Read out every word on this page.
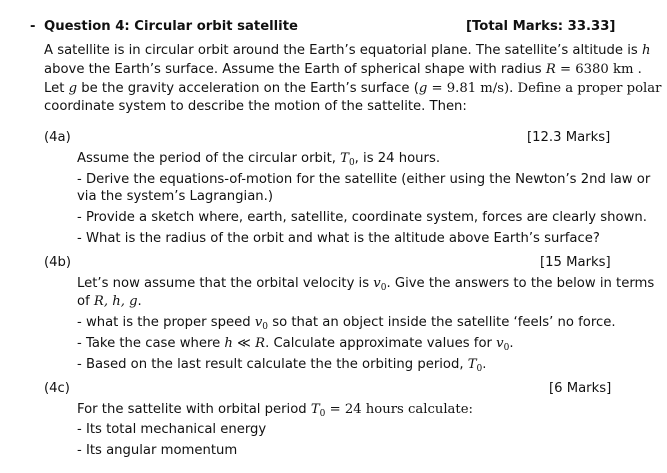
- Question 4: Circular orbit satellite	[Total Marks: 33.33]
A satellite is in circular orbit around the Earth’s equatorial plane. The satellite’s altitude is h
above the Earth’s surface. Assume the Earth of spherical shape with radius R = 6380 km .
Let g be the gravity acceleration on the Earth’s surface (g = 9.81 m/s). Define a proper polar
coordinate system to describe the motion of the sattelite. Then:
(4a)	[12.3 Marks]
Assume the period of the circular orbit, $T_0$, is 24 hours.
- Derive the equations-of-motion for the satellite (either using the Newton’s 2nd law or
via the system’s Lagrangian.)
- Provide a sketch where, earth, satellite, coordinate system, forces are clearly shown.
- What is the radius of the orbit and what is the altitude above Earth’s surface?
(4b)	[15 Marks]
Let’s now assume that the orbital velocity is $v_0$. Give the answers to the below in terms
of R, h, g.
- what is the proper speed $v_0$ so that an object inside the satellite ‘feels’ no force.
- Take the case where h ≪ R. Calculate approximate values for $v_0$.
- Based on the last result calculate the the orbiting period, $T_0$.
(4c)	[6 Marks]
For the sattelite with orbital period $T_0 = 24$ hours calculate:
- Its total mechanical energy
- Its angular momentum
